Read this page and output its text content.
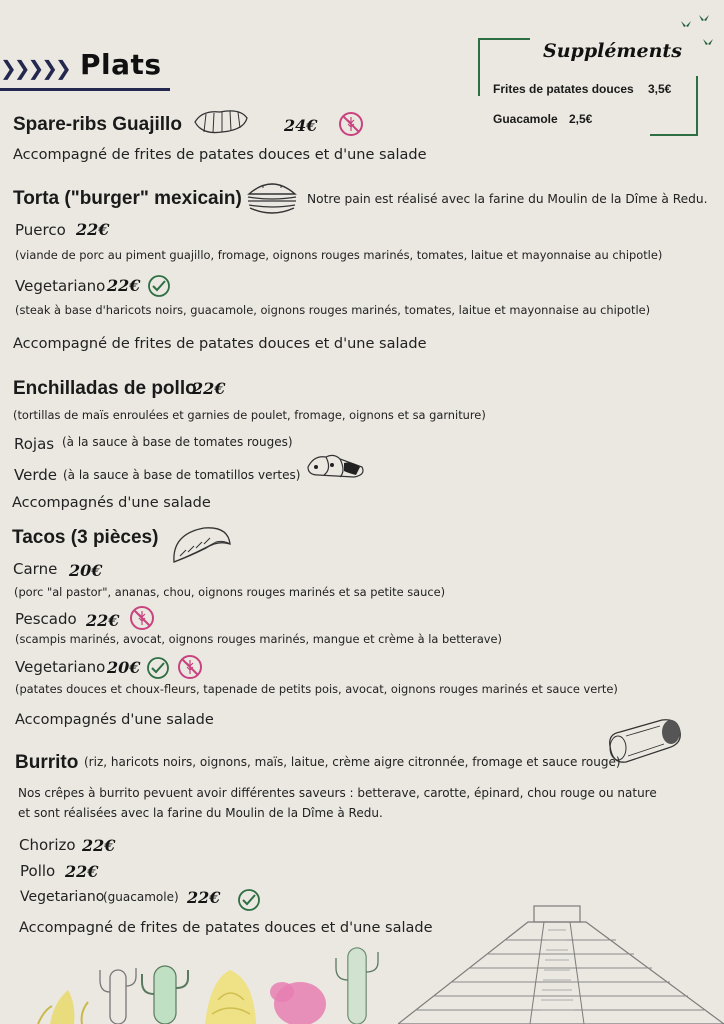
❯❯❯❯❯ Plats	Suppléments
Frites de patates douces 3,5€
Guacamole 2,5€
Spare-ribs Guajillo	24€
Accompagné de frites de patates douces et d'une salade
Torta ("burger" mexicain)	Notre pain est réalisé avec la farine du Moulin de la Dîme à Redu.
Puerco 22€
(viande de porc au piment guajillo, fromage, oignons rouges marinés, tomates, laitue et mayonnaise au chipotle)
Vegetariano 22€
(steak à base d'haricots noirs, guacamole, oignons rouges marinés, tomates, laitue et mayonnaise au chipotle)
Accompagné de frites de patates douces et d'une salade
Enchilladas de pollo
22€
(tortillas de maïs enroulées et garnies de poulet, fromage, oignons et sa garniture)
Rojas (à la sauce à base de tomates rouges)
Verde (à la sauce à base de tomatillos vertes)
Accompagnés d'une salade
Tacos (3 pièces)
Carne 20€
(porc "al pastor", ananas, chou, oignons rouges marinés et sa petite sauce)
Pescado 22€
(scampis marinés, avocat, oignons rouges marinés, mangue et crème à la betterave)
Vegetariano 20€
(patates douces et choux-fleurs, tapenade de petits pois, avocat, oignons rouges marinés et sauce verte)
Accompagnés d'une salade
Burrito (riz, haricots noirs, oignons, maïs, laitue, crème aigre citronnée, fromage et sauce rouge)
Nos crêpes à burrito pevuent avoir différentes saveurs : betterave, carotte, épinard, chou rouge ou nature
et sont réalisées avec la farine du Moulin de la Dîme à Redu.
Chorizo 22€
Pollo 22€
Vegetariano
(guacamole) 22€
Accompagné de frites de patates douces et d'une salade
